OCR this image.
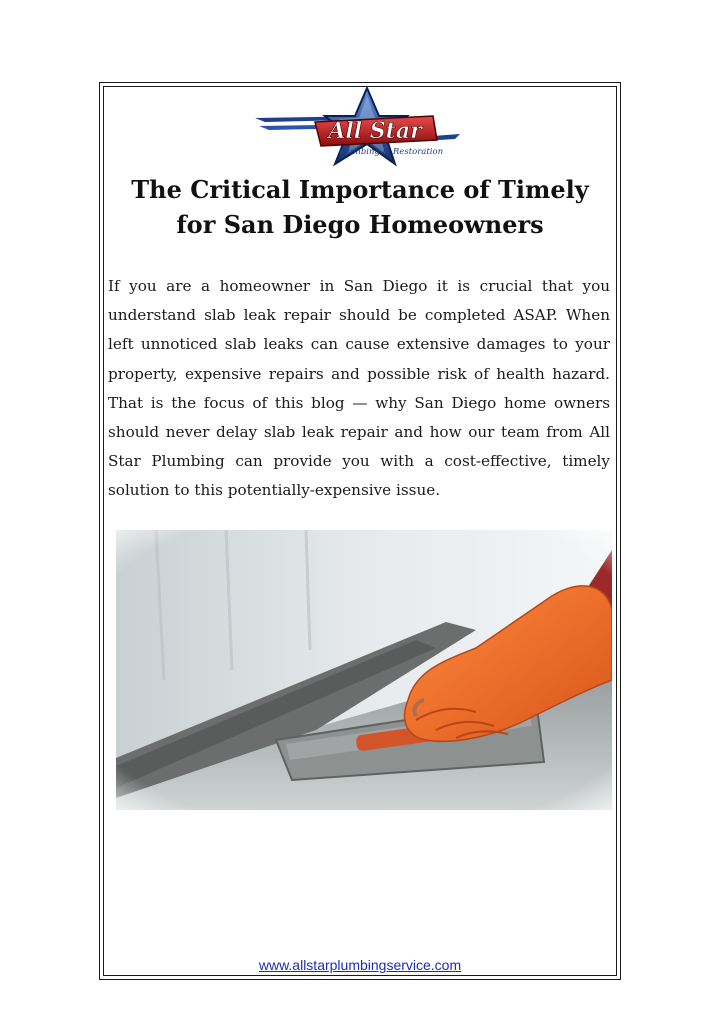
All Star
Plumbing & Restoration
The Critical Importance of Timely
for San Diego Homeowners

If you are a homeowner in San Diego it is crucial that you understand slab leak repair should be completed ASAP. When left unnoticed slab leaks can cause extensive damages to your property, expensive repairs and possible risk of health hazard. That is the focus of this blog — why San Diego home owners should never delay slab leak repair and how our team from All Star Plumbing can provide you with a cost-effective, timely solution to this potentially-expensive issue.

www.allstarplumbingservice.com
